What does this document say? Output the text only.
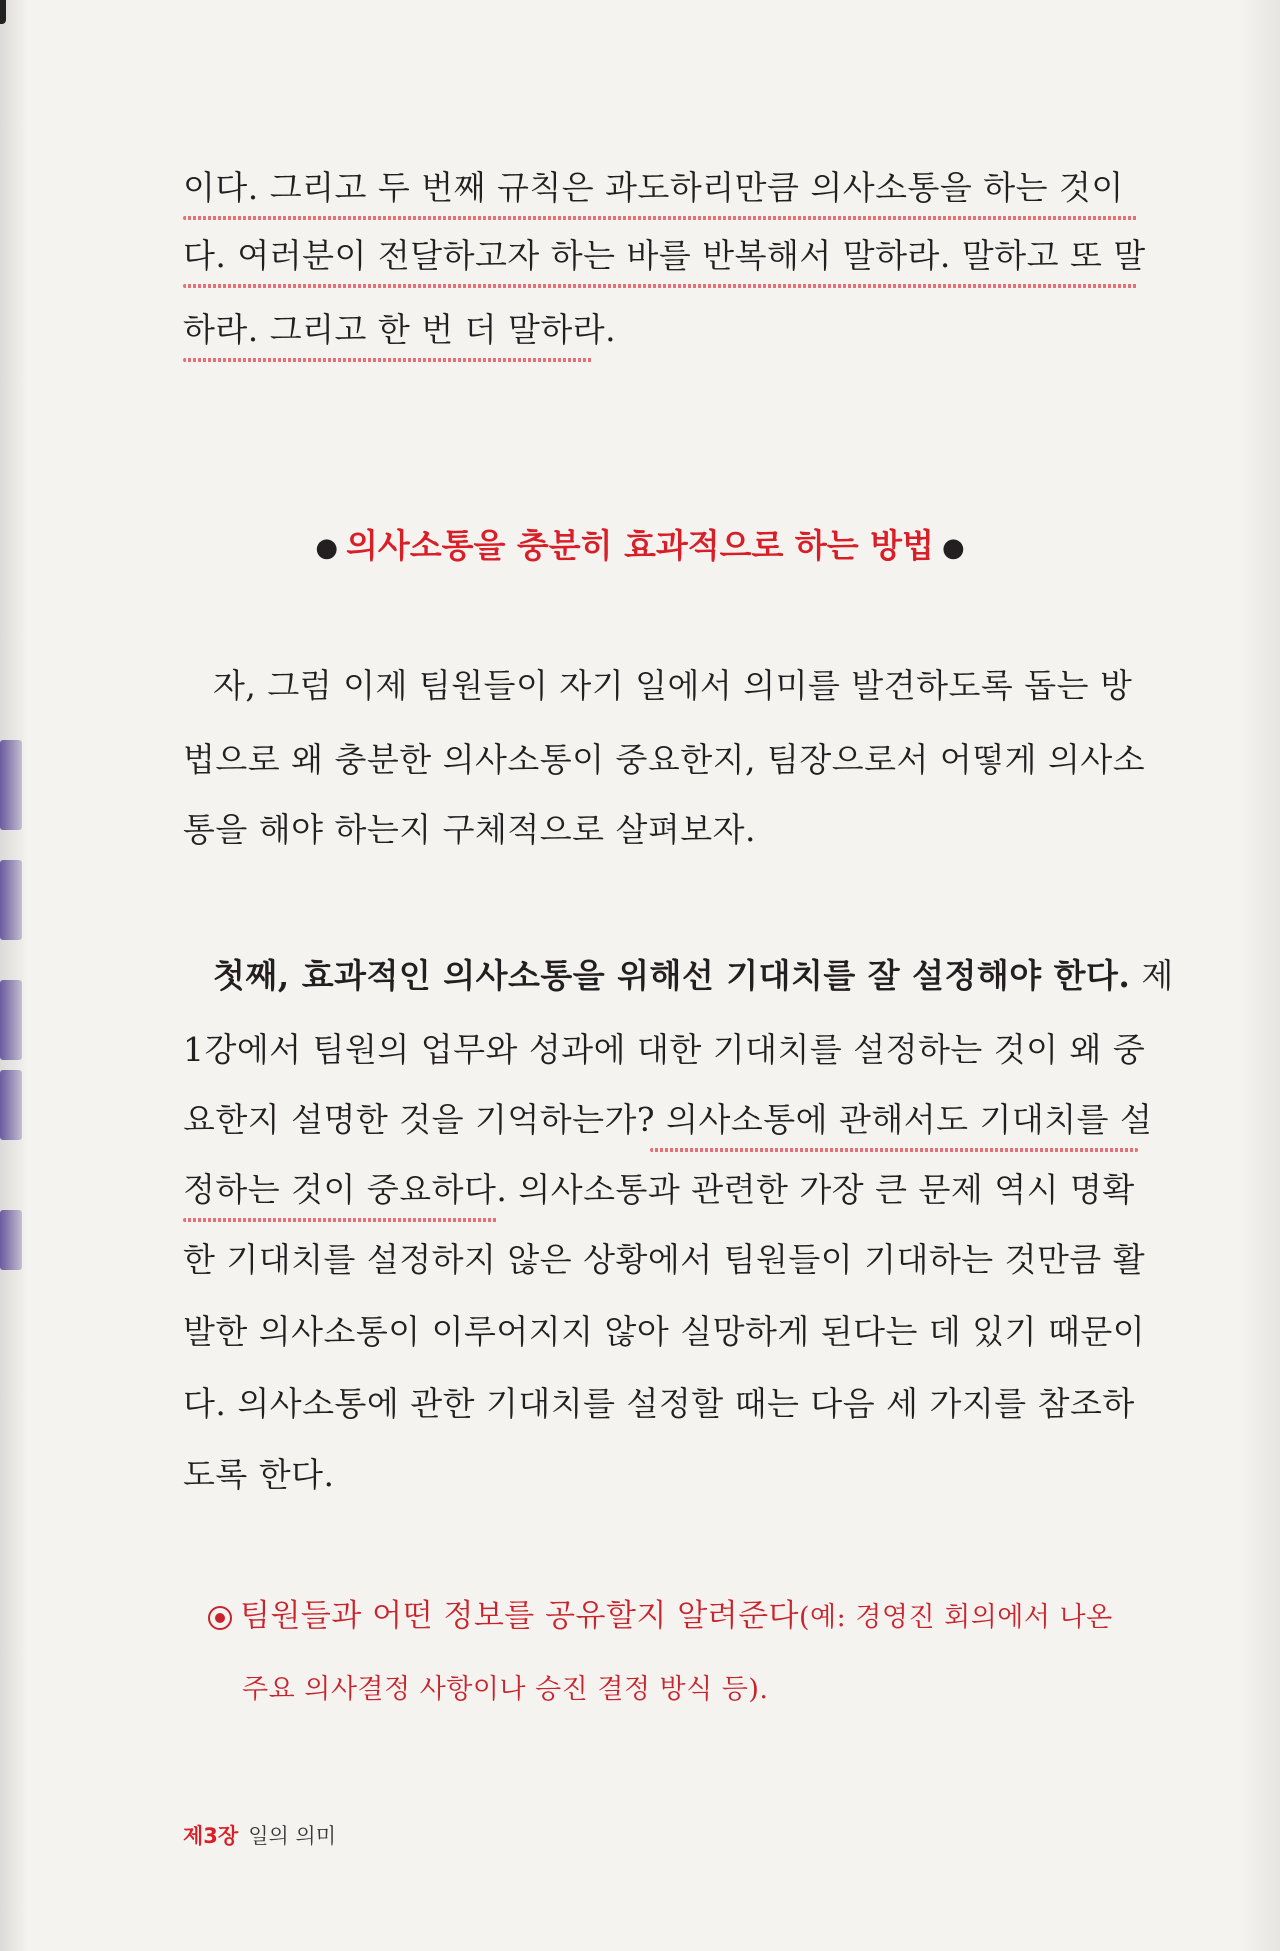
이다. 그리고 두 번째 규칙은 과도하리만큼 의사소통을 하는 것이
다. 여러분이 전달하고자 하는 바를 반복해서 말하라. 말하고 또 말
하라. 그리고 한 번 더 말하라.
● 의사소통을 충분히 효과적으로 하는 방법 ●
자, 그럼 이제 팀원들이 자기 일에서 의미를 발견하도록 돕는 방
법으로 왜 충분한 의사소통이 중요한지, 팀장으로서 어떻게 의사소
통을 해야 하는지 구체적으로 살펴보자.
첫째, 효과적인 의사소통을 위해선 기대치를 잘 설정해야 한다. 제
1강에서 팀원의 업무와 성과에 대한 기대치를 설정하는 것이 왜 중
요한지 설명한 것을 기억하는가? 의사소통에 관해서도 기대치를 설
정하는 것이 중요하다. 의사소통과 관련한 가장 큰 문제 역시 명확
한 기대치를 설정하지 않은 상황에서 팀원들이 기대하는 것만큼 활
발한 의사소통이 이루어지지 않아 실망하게 된다는 데 있기 때문이
다. 의사소통에 관한 기대치를 설정할 때는 다음 세 가지를 참조하
도록 한다.
팀원들과 어떤 정보를 공유할지 알려준다(예: 경영진 회의에서 나온
주요 의사결정 사항이나 승진 결정 방식 등).
제3장 일의 의미
